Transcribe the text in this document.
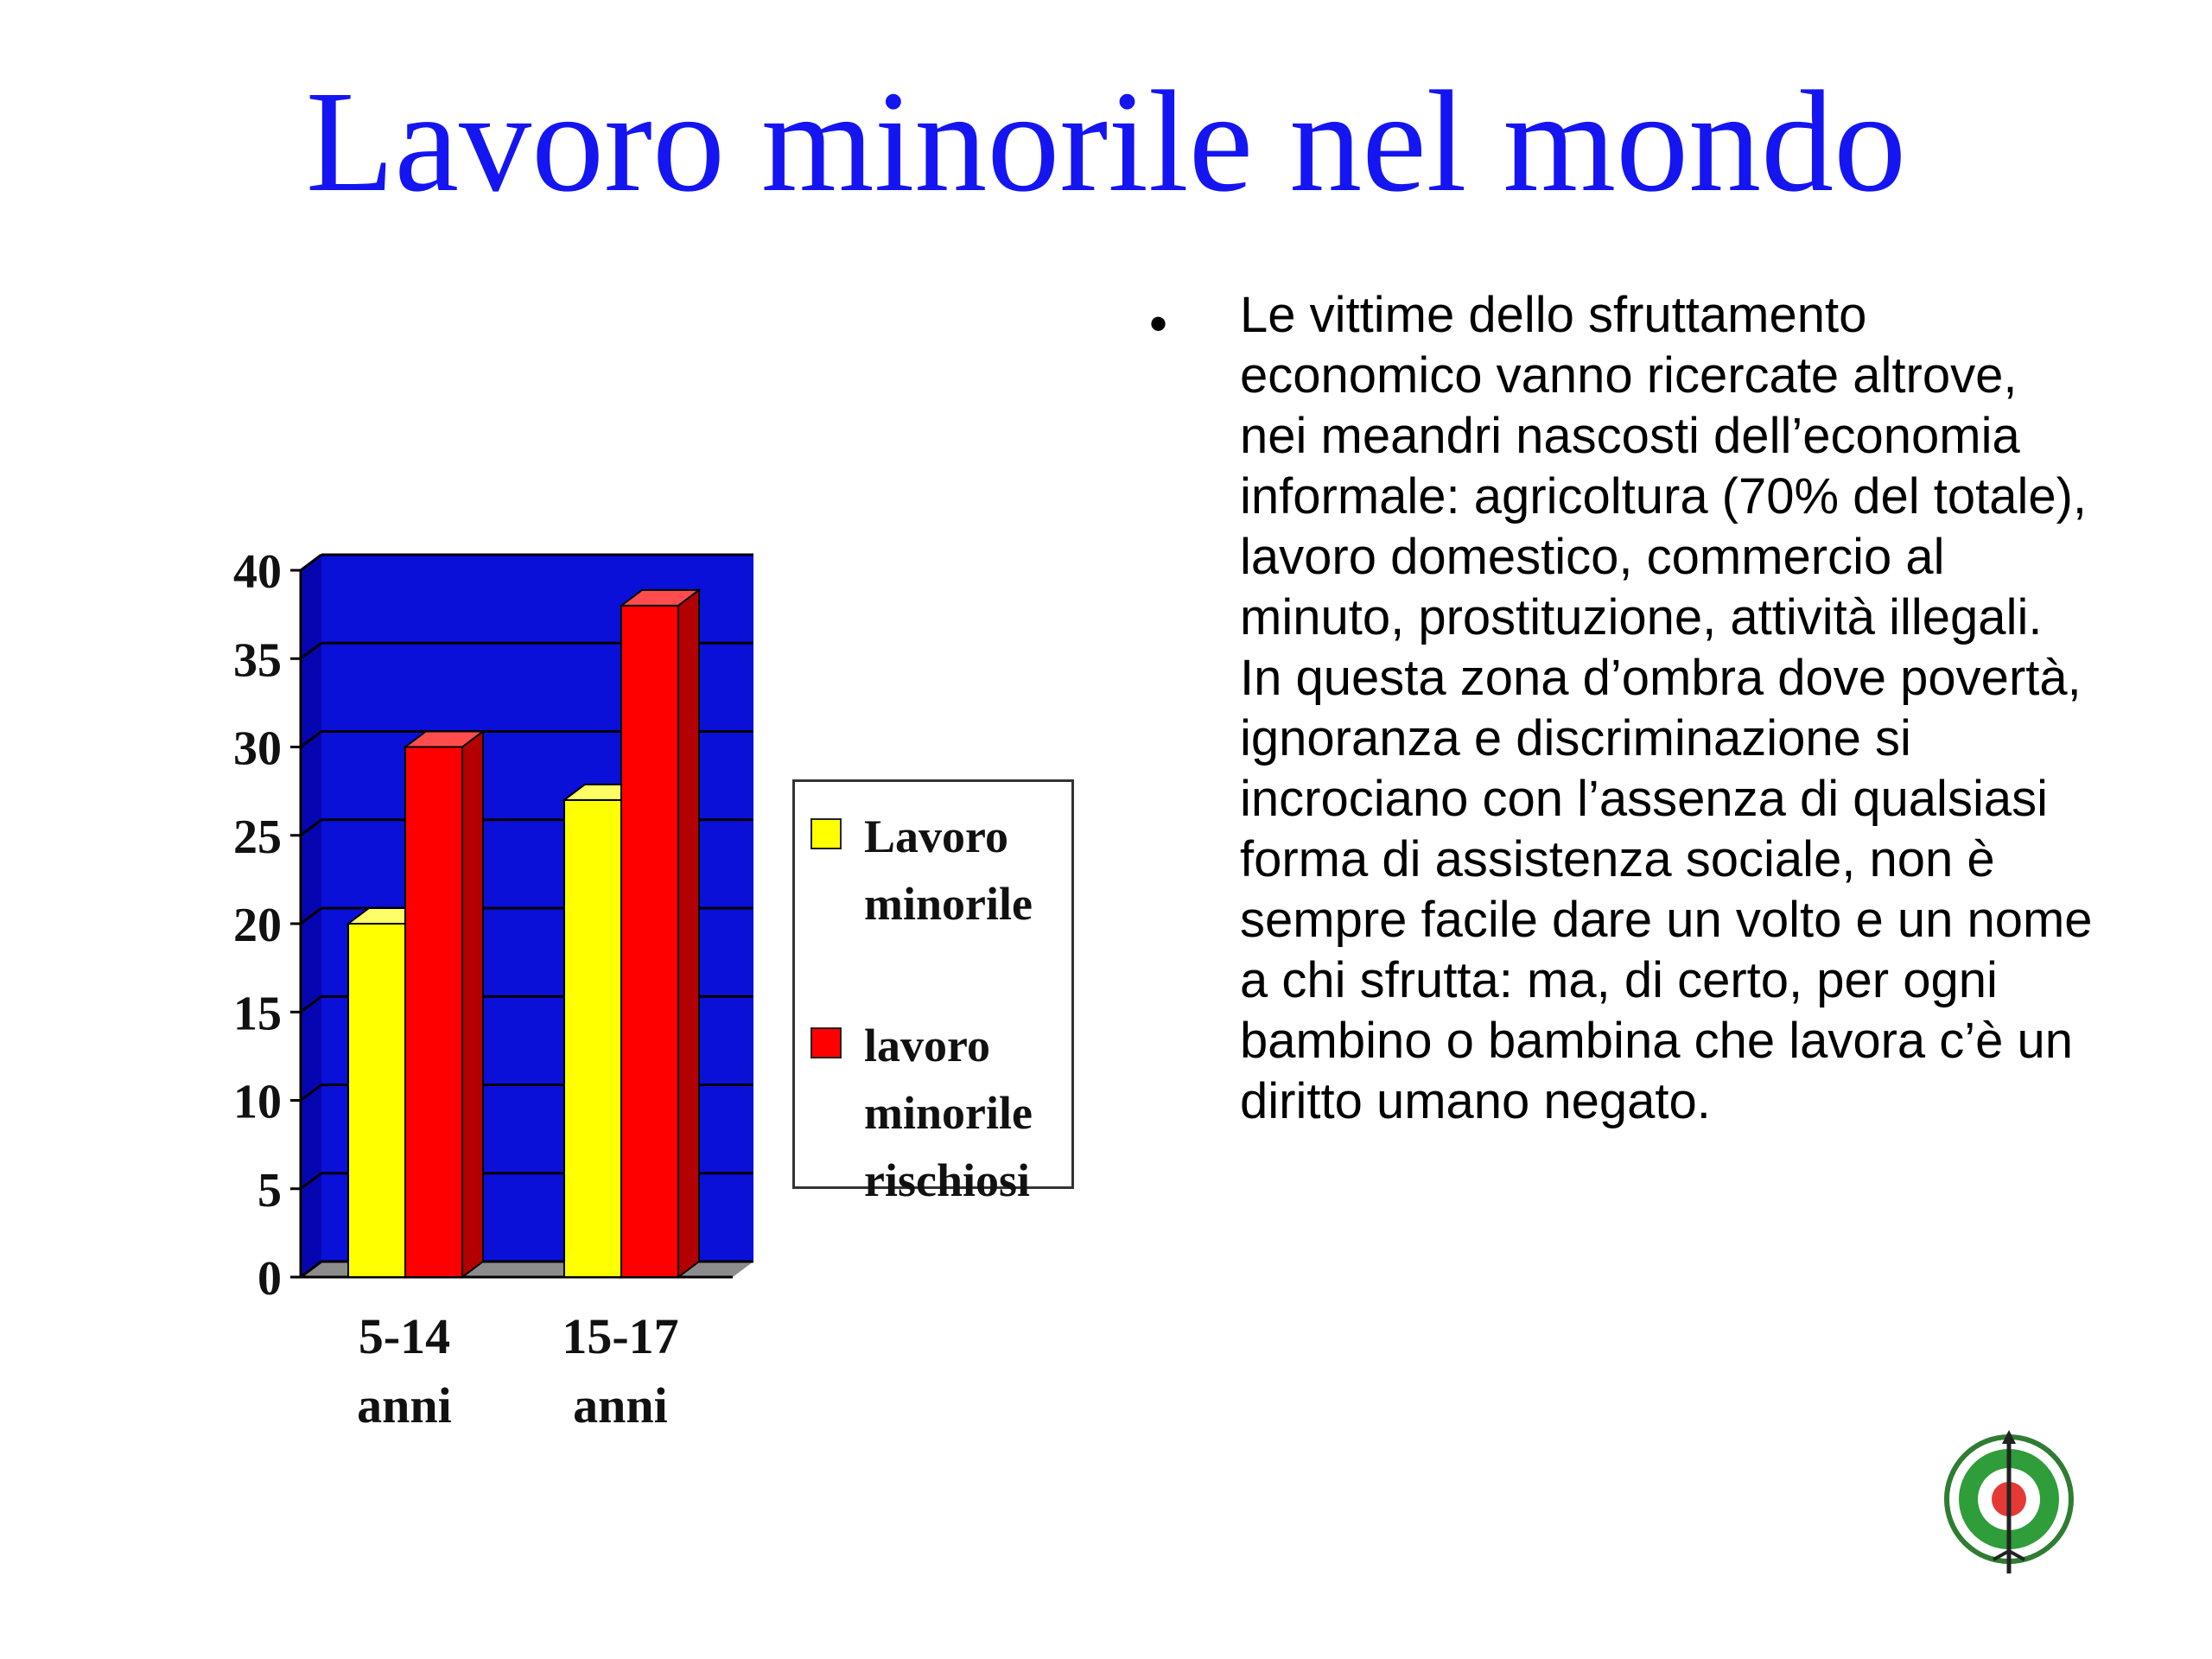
Lavoro minorile nel mondo
0
5
10
15
20
25
30
35
40
5-14
anni
15-17
anni
Lavoro minorile
lavoro minorile rischiosi
• Le vittime dello sfruttamento economico vanno ricercate altrove, nei meandri nascosti dell’economia informale: agricoltura (70% del totale), lavoro domestico, commercio al minuto, prostituzione, attività illegali. In questa zona d’ombra dove povertà, ignoranza e discriminazione si incrociano con l’assenza di qualsiasi forma di assistenza sociale, non è sempre facile dare un volto e un nome a chi sfrutta: ma, di certo, per ogni bambino o bambina che lavora c’è un diritto umano negato.
